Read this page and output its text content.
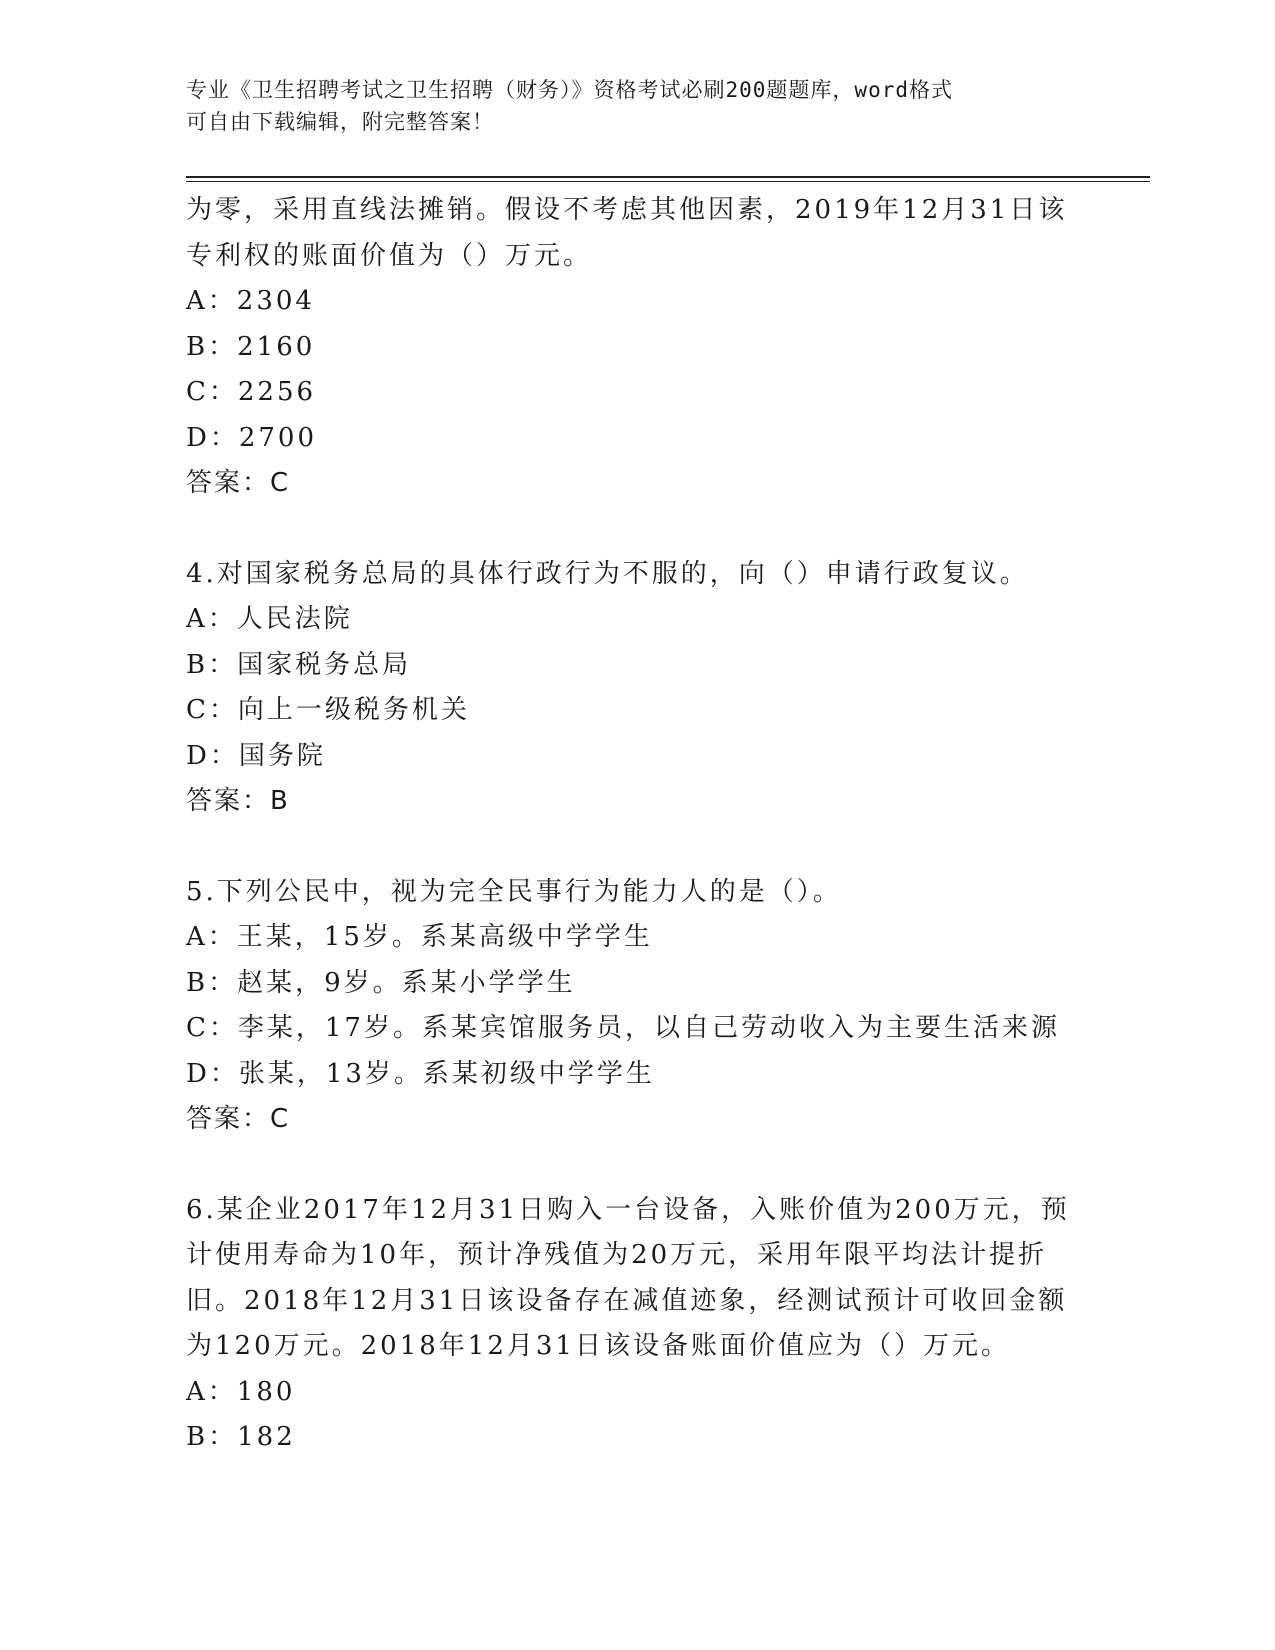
专业《卫生招聘考试之卫生招聘（财务）》资格考试必刷200题题库，word格式
可自由下载编辑，附完整答案！
为零，采用直线法摊销。假设不考虑其他因素，2019年12月31日该
专利权的账面价值为（）万元。
A：2304
B：2160
C：2256
D：2700
答案：C
4.对国家税务总局的具体行政行为不服的，向（）申请行政复议。
A：人民法院
B：国家税务总局
C：向上一级税务机关
D：国务院
答案：B
5.下列公民中，视为完全民事行为能力人的是（）。
A：王某，15岁。系某高级中学学生
B：赵某，9岁。系某小学学生
C：李某，17岁。系某宾馆服务员，以自己劳动收入为主要生活来源
D：张某，13岁。系某初级中学学生
答案：C
6.某企业2017年12月31日购入一台设备，入账价值为200万元，预
计使用寿命为10年，预计净残值为20万元，采用年限平均法计提折
旧。2018年12月31日该设备存在减值迹象，经测试预计可收回金额
为120万元。2018年12月31日该设备账面价值应为（）万元。
A：180
B：182
